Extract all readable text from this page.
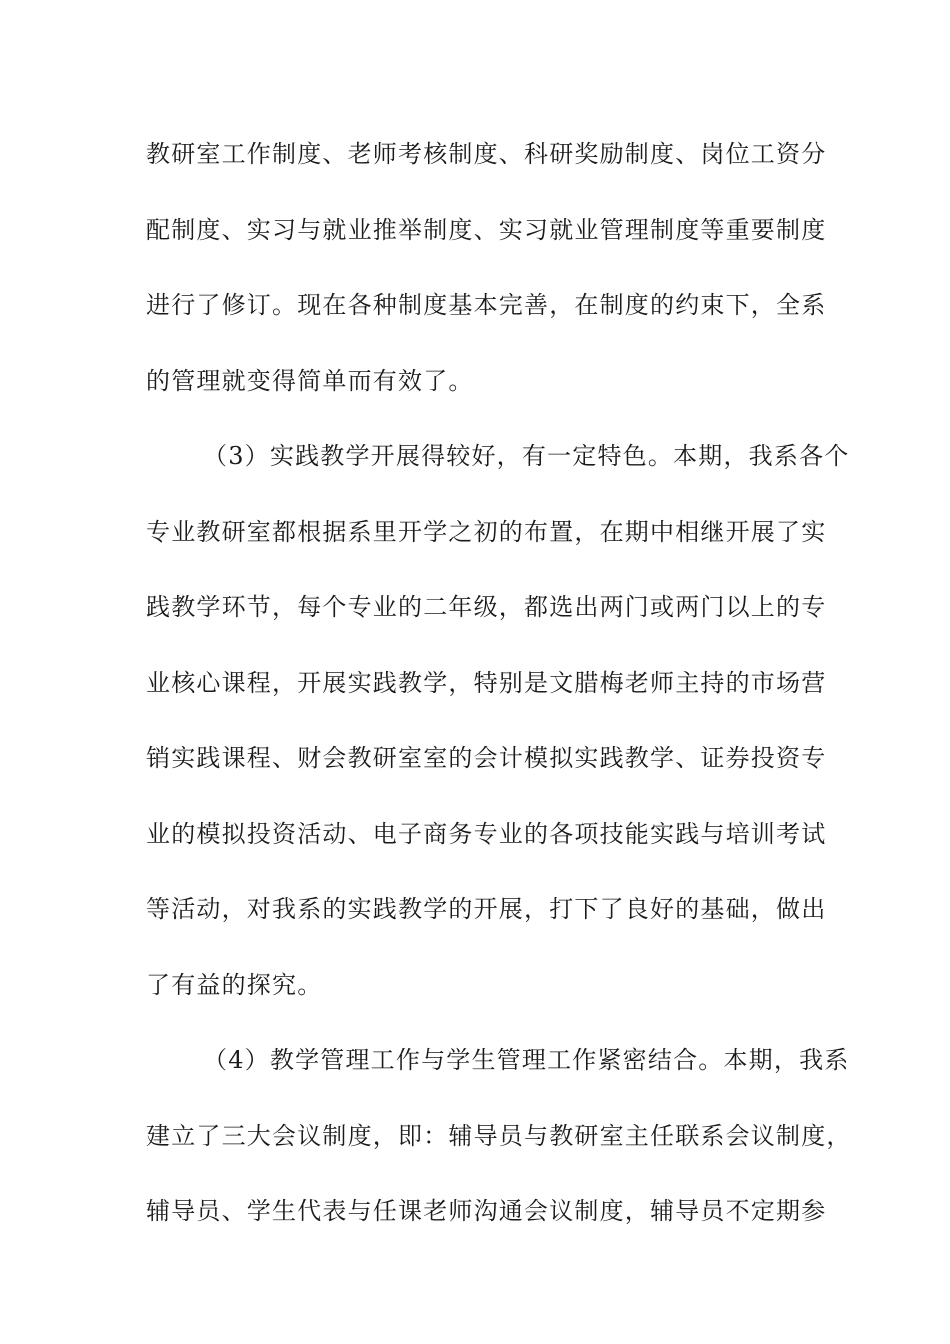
教研室工作制度、老师考核制度、科研奖励制度、岗位工资分
配制度、实习与就业推举制度、实习就业管理制度等重要制度
进行了修订。现在各种制度基本完善，在制度的约束下，全系
的管理就变得简单而有效了。
（3）实践教学开展得较好，有一定特色。本期，我系各个
专业教研室都根据系里开学之初的布置，在期中相继开展了实
践教学环节，每个专业的二年级，都选出两门或两门以上的专
业核心课程，开展实践教学，特别是文腊梅老师主持的市场营
销实践课程、财会教研室室的会计模拟实践教学、证券投资专
业的模拟投资活动、电子商务专业的各项技能实践与培训考试
等活动，对我系的实践教学的开展，打下了良好的基础，做出
了有益的探究。
（4）教学管理工作与学生管理工作紧密结合。本期，我系
建立了三大会议制度，即：辅导员与教研室主任联系会议制度，
辅导员、学生代表与任课老师沟通会议制度，辅导员不定期参
